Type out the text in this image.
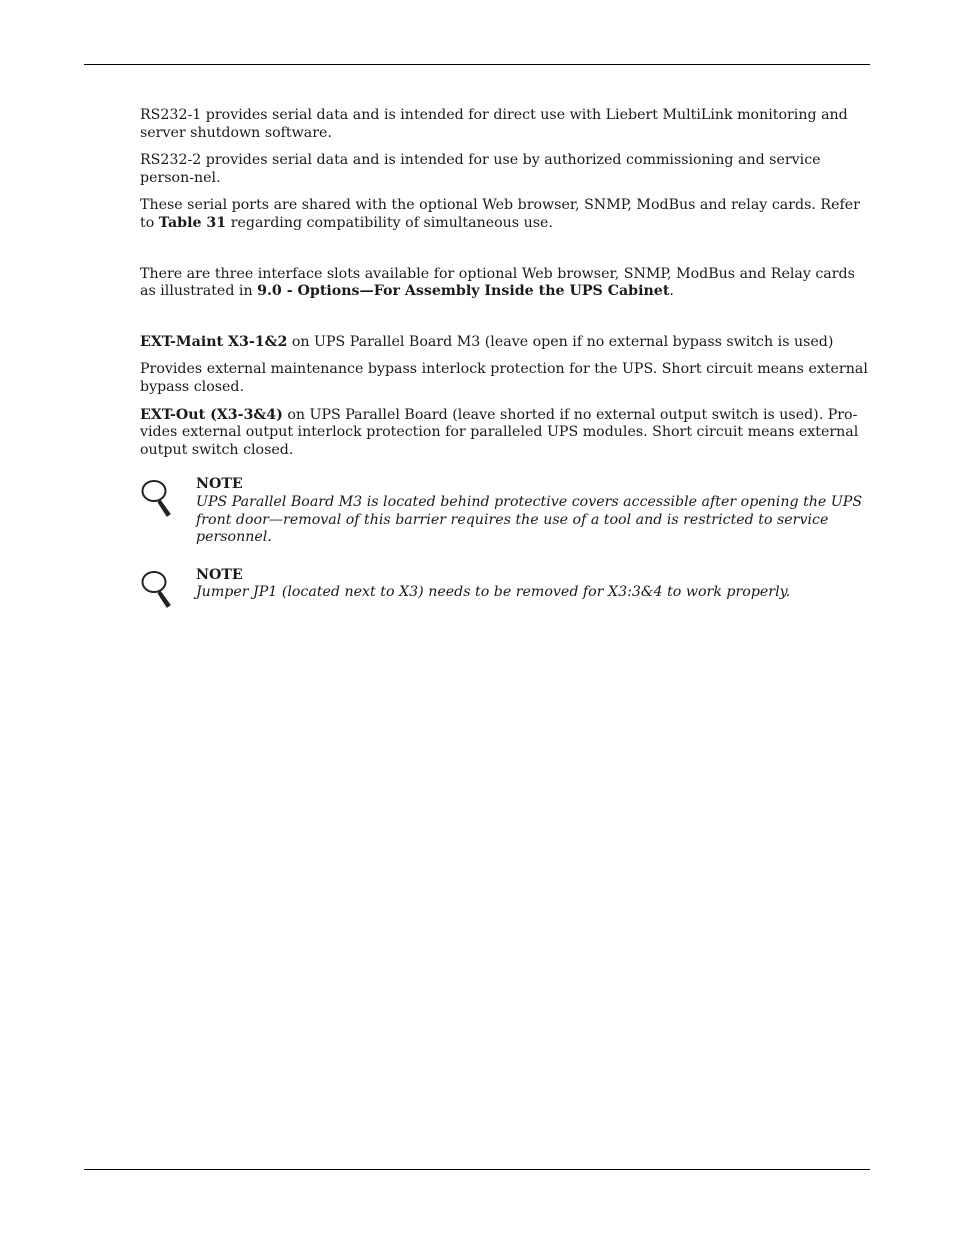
RS232-1 provides serial data and is intended for direct use with Liebert MultiLink monitoring and server shutdown software.

RS232-2 provides serial data and is intended for use by authorized commissioning and service person-nel.

These serial ports are shared with the optional Web browser, SNMP, ModBus and relay cards. Refer to Table 31 regarding compatibility of simultaneous use.

There are three interface slots available for optional Web browser, SNMP, ModBus and Relay cards as illustrated in 9.0 - Options—For Assembly Inside the UPS Cabinet.

EXT-Maint X3-1&2 on UPS Parallel Board M3 (leave open if no external bypass switch is used)

Provides external maintenance bypass interlock protection for the UPS. Short circuit means external bypass closed.

EXT-Out (X3-3&4) on UPS Parallel Board (leave shorted if no external output switch is used). Pro-vides external output interlock protection for paralleled UPS modules. Short circuit means external output switch closed.

NOTE
UPS Parallel Board M3 is located behind protective covers accessible after opening the UPS front door—removal of this barrier requires the use of a tool and is restricted to service personnel.
NOTE
Jumper JP1 (located next to X3) needs to be removed for X3:3&4 to work properly.
